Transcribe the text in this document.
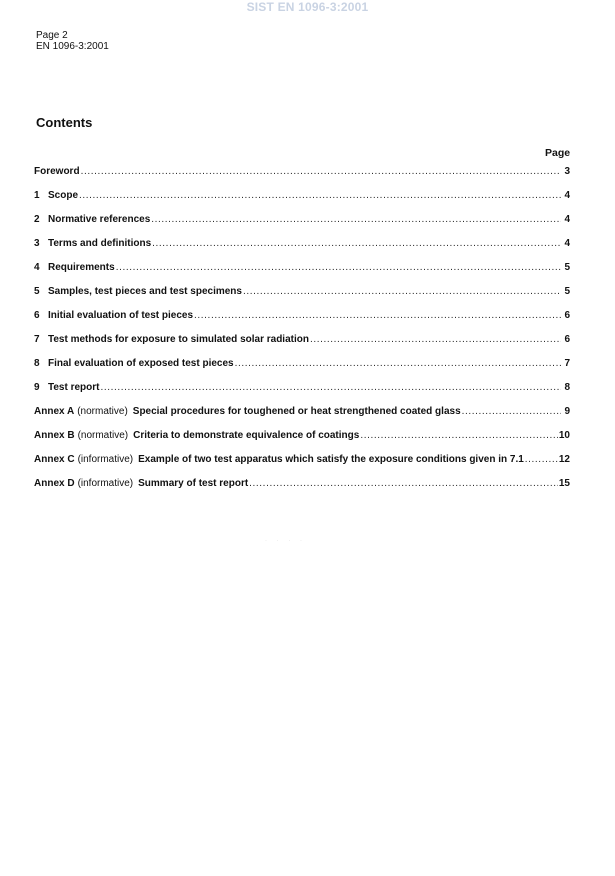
SIST EN 1096-3:2001
Page 2
EN 1096-3:2001
Contents
Page
Foreword .....	3
1 Scope .....	4
2 Normative references .....	4
3 Terms and definitions .....	4
4 Requirements .....	5
5 Samples, test pieces and test specimens .....	5
6 Initial evaluation of test pieces .....	6
7 Test methods for exposure to simulated solar radiation .....	6
8 Final evaluation of exposed test pieces .....	7
9 Test report .....	8
Annex A (normative) Special procedures for toughened or heat strengthened coated glass .....	9
Annex B (normative) Criteria to demonstrate equivalence of coatings .....	10
Annex C (informative) Example of two test apparatus which satisfy the exposure conditions given in 7.1 .....	12
Annex D (informative) Summary of test report .....	15
· · · ·
